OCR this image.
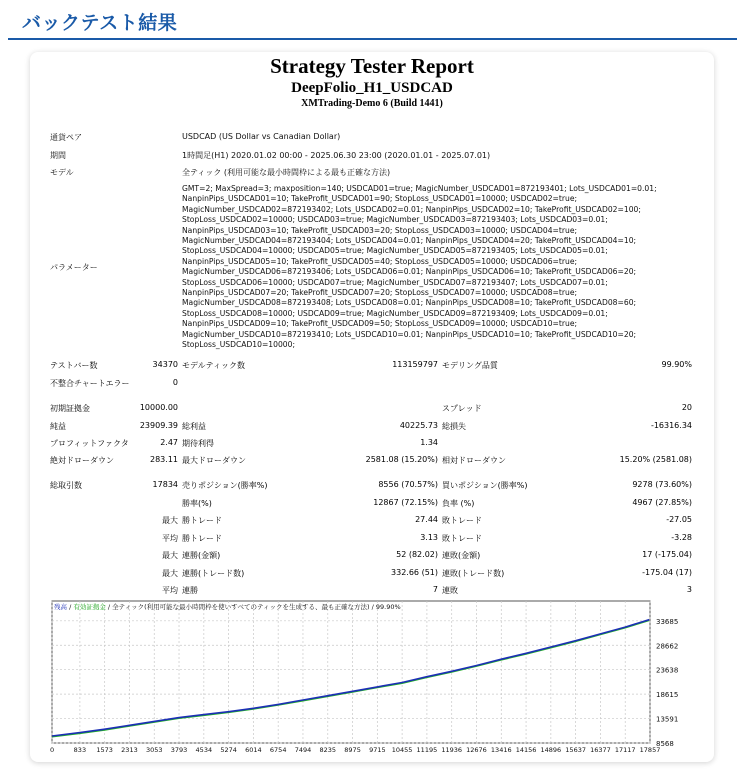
バックテスト結果
Strategy Tester Report
DeepFolio_H1_USDCAD
XMTrading-Demo 6 (Build 1441)
通貨ペア	USDCAD (US Dollar vs Canadian Dollar)
期間	1時間足(H1) 2020.01.02 00:00 - 2025.06.30 23:00 (2020.01.01 - 2025.07.01)
モデル	全ティック (利用可能な最小時間枠による最も正確な方法)
パラメーター
GMT=2; MaxSpread=3; maxposition=140; USDCAD01=true; MagicNumber_USDCAD01=872193401; Lots_USDCAD01=0.01;
NanpinPips_USDCAD01=10; TakeProfit_USDCAD01=90; StopLoss_USDCAD01=10000; USDCAD02=true;
MagicNumber_USDCAD02=872193402; Lots_USDCAD02=0.01; NanpinPips_USDCAD02=10; TakeProfit_USDCAD02=100;
StopLoss_USDCAD02=10000; USDCAD03=true; MagicNumber_USDCAD03=872193403; Lots_USDCAD03=0.01;
NanpinPips_USDCAD03=10; TakeProfit_USDCAD03=20; StopLoss_USDCAD03=10000; USDCAD04=true;
MagicNumber_USDCAD04=872193404; Lots_USDCAD04=0.01; NanpinPips_USDCAD04=20; TakeProfit_USDCAD04=10;
StopLoss_USDCAD04=10000; USDCAD05=true; MagicNumber_USDCAD05=872193405; Lots_USDCAD05=0.01;
NanpinPips_USDCAD05=10; TakeProfit_USDCAD05=40; StopLoss_USDCAD05=10000; USDCAD06=true;
MagicNumber_USDCAD06=872193406; Lots_USDCAD06=0.01; NanpinPips_USDCAD06=10; TakeProfit_USDCAD06=20;
StopLoss_USDCAD06=10000; USDCAD07=true; MagicNumber_USDCAD07=872193407; Lots_USDCAD07=0.01;
NanpinPips_USDCAD07=20; TakeProfit_USDCAD07=20; StopLoss_USDCAD07=10000; USDCAD08=true;
MagicNumber_USDCAD08=872193408; Lots_USDCAD08=0.01; NanpinPips_USDCAD08=10; TakeProfit_USDCAD08=60;
StopLoss_USDCAD08=10000; USDCAD09=true; MagicNumber_USDCAD09=872193409; Lots_USDCAD09=0.01;
NanpinPips_USDCAD09=10; TakeProfit_USDCAD09=50; StopLoss_USDCAD09=10000; USDCAD10=true;
MagicNumber_USDCAD10=872193410; Lots_USDCAD10=0.01; NanpinPips_USDCAD10=10; TakeProfit_USDCAD10=20;
StopLoss_USDCAD10=10000;
テストバー数	34370 モデルティック数	113159797 モデリング品質	99.90%
不整合チャートエラー	0
初期証拠金	10000.00	スプレッド	20
純益	23909.39 総利益	40225.73 総損失	-16316.34
プロフィットファクタ	2.47 期待利得	1.34
絶対ドローダウン	283.11 最大ドローダウン	2581.08 (15.20%) 相対ドローダウン	15.20% (2581.08)
総取引数	17834 売りポジション(勝率%)	8556 (70.57%) 買いポジション(勝率%)	9278 (73.60%)
勝率(%)	12867 (72.15%) 負率 (%)	4967 (27.85%)
最大 勝トレード	27.44 敗トレード	-27.05
平均 勝トレード	3.13 敗トレード	-3.28
最大 連勝(金額)	52 (82.02) 連敗(金額)	17 (-175.04)
最大 連勝(トレード数)	332.66 (51) 連敗(トレード数)	-175.04 (17)
平均 連勝	7 連敗	3
8568
13591
18615
23638
28662
33685
0	833 1573 2313 3053 3793 4534 5274 6014 6754 7494 8235 8975 9715 10455 11195 11936 12676 13416 14156 14896 15637 16377 17117 17857
残高 / 有効証拠金 / 全ティック(利用可能な最小時間枠を使いすべてのティックを生成する、最も正確な方法) / 99.90%
